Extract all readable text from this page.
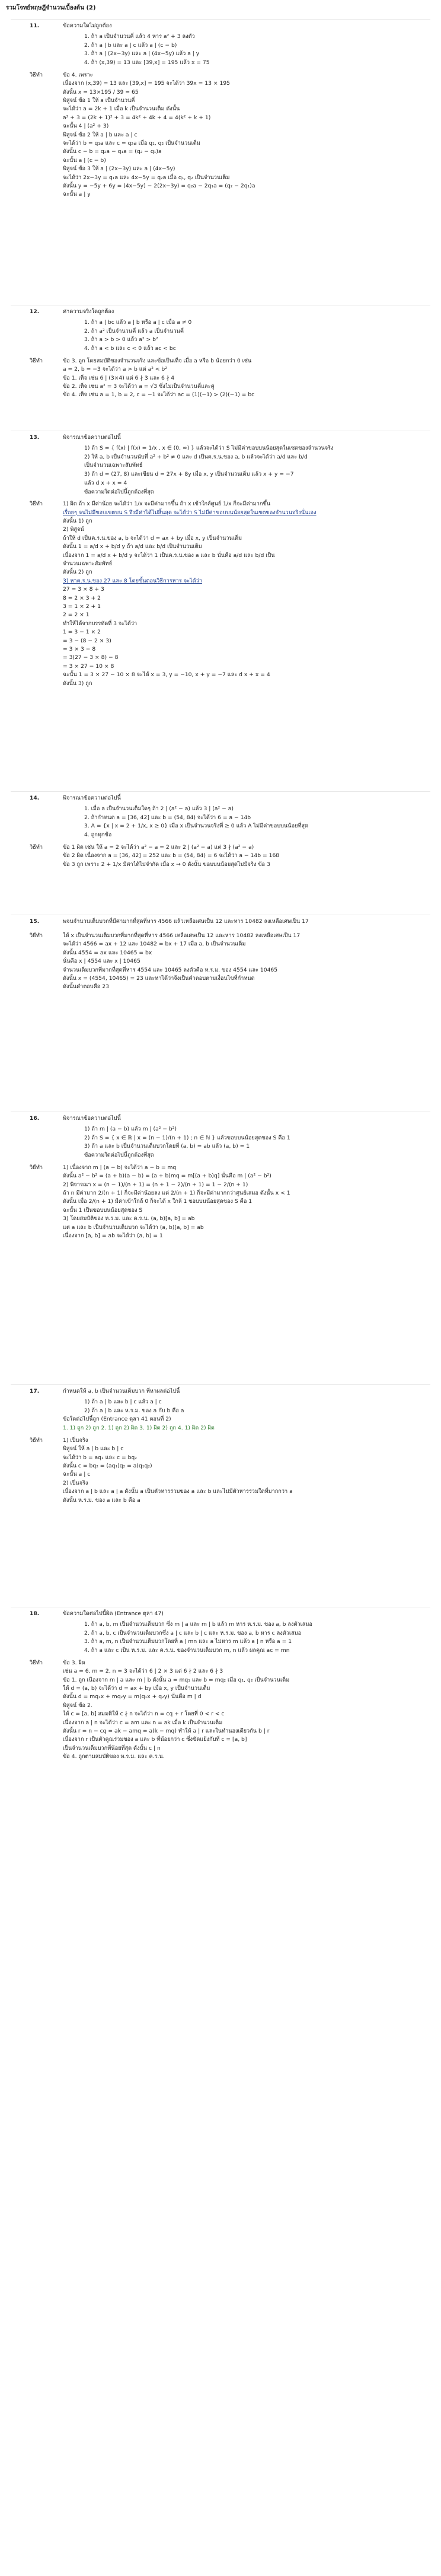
รวมโจทย์ทฤษฎีจำนวนเบื้องต้น (2)
11.	ข้อความใดไม่ถูกต้อง
1. ถ้า a เป็นจำนวนคี่ แล้ว 4 หาร a² + 3 ลงตัว
2. ถ้า a | b และ a | c แล้ว a | (c − b)
3. ถ้า a | (2x−3y) และ a | (4x−5y) แล้ว a | y
4. ถ้า (x,39) = 13 และ [39,x] = 195 แล้ว x = 75
วิธีทำ	ข้อ 4. เพราะ
เนื่องจาก (x,39) = 13 และ [39,x] = 195 จะได้ว่า 39x = 13 × 195
ดังนั้น x = 13×195 / 39 = 65
พิสูจน์ ข้อ 1 ให้ a เป็นจำนวนคี่
จะได้ว่า a = 2k + 1 เมื่อ k เป็นจำนวนเต็ม ดังนั้น
a² + 3 = (2k + 1)² + 3 = 4k² + 4k + 4 = 4(k² + k + 1)
ฉะนั้น 4 | (a² + 3)
พิสูจน์ ข้อ 2 ให้ a | b และ a | c
จะได้ว่า b = q₁a และ c = q₂a เมื่อ q₁, q₂ เป็นจำนวนเต็ม
ดังนั้น c − b = q₂a − q₁a = (q₂ − q₁)a
ฉะนั้น a | (c − b)
พิสูจน์ ข้อ 3 ให้ a | (2x−3y) และ a | (4x−5y)
จะได้ว่า 2x−3y = q₁a และ 4x−5y = q₂a เมื่อ q₁, q₂ เป็นจำนวนเต็ม
ดังนั้น y = −5y + 6y = (4x−5y) − 2(2x−3y) = q₂a − 2q₁a = (q₂ − 2q₁)a
ฉะนั้น a | y
12.	ค่าความจริงใดถูกต้อง
1. ถ้า a | bc แล้ว a | b หรือ a | c เมื่อ a ≠ 0
2. ถ้า a² เป็นจำนวนคี่ แล้ว a เป็นจำนวนคี่
3. ถ้า a > b > 0 แล้ว a² > b²
4. ถ้า a < b และ c < 0 แล้ว ac < bc
วิธีทำ	ข้อ 3. ถูก โดยสมบัติของจำนวนจริง และข้อเป็นเท็จ เมื่อ a หรือ b น้อยกว่า 0 เช่น
a = 2, b = −3 จะได้ว่า a > b แต่ a² < b²
ข้อ 1. เท็จ เช่น 6 | (3×4) แต่ 6 ∤ 3 และ 6 ∤ 4
ข้อ 2. เท็จ เช่น a² = 3 จะได้ว่า a = √3 ซึ่งไม่เป็นจำนวนคี่และคู่
ข้อ 4. เท็จ เช่น a = 1, b = 2, c = −1 จะได้ว่า ac = (1)(−1) > (2)(−1) = bc
13.	พิจารณาข้อความต่อไปนี้
1) ถ้า S = { f(x) | f(x) = 1/x , x ∈ (0, ∞) } แล้วจะได้ว่า S ไม่มีค่าขอบบนน้อยสุดในเซตของจำนวนจริง
2) ให้ a, b เป็นจำนวนนับที่ a² + b² ≠ 0 และ d เป็นค.ร.น.ของ a, b แล้วจะได้ว่า a/d และ b/d
เป็นจำนวนเฉพาะสัมพัทธ์
3) ถ้า d = (27, 8) และเขียน d = 27x + 8y เมื่อ x, y เป็นจำนวนเต็ม แล้ว x + y = −7
แล้ว d x + x = 4
ข้อความใดต่อไปนี้ถูกต้องที่สุด
วิธีทำ	1) ผิด ถ้า x มีค่าน้อย จะได้ว่า 1/x จะมีค่ามากขึ้น ถ้า x เข้าใกล้ศูนย์ 1/x ก็จะมีค่ามากขึ้น
เรื่อยๆ จนไม่มีขอบเขตบน S จึงมีค่าได้ไม่สิ้นสุด จะได้ว่า S ไม่มีค่าขอบบนน้อยสุดในเซตของจำนวนจริงนั่นเอง
ดังนั้น 1) ถูก
2) พิสูจน์
ถ้าให้ d เป็นค.ร.น.ของ a, b จะได้ว่า d = ax + by เมื่อ x, y เป็นจำนวนเต็ม
ดังนั้น 1 = a/d x + b/d y ถ้า a/d และ b/d เป็นจำนวนเต็ม
เนื่องจาก 1 = a/d x + b/d y จะได้ว่า 1 เป็นค.ร.น.ของ a และ b นั่นคือ a/d และ b/d เป็น
จำนวนเฉพาะสัมพัทธ์
ดังนั้น 2) ถูก
3) หาค.ร.น.ของ 27 และ 8 โดยขั้นตอนวิธีการหาร จะได้ว่า
27 = 3 × 8 + 3
8 = 2 × 3 + 2
3 = 1 × 2 + 1
2 = 2 × 1
ทำให้ได้จากบรรทัดที่ 3 จะได้ว่า
1 = 3 − 1 × 2
= 3 − (8 − 2 × 3)
= 3 × 3 − 8
= 3(27 − 3 × 8) − 8
= 3 × 27 − 10 × 8
ฉะนั้น 1 = 3 × 27 − 10 × 8 จะได้ x = 3, y = −10, x + y = −7 และ d x + x = 4
ดังนั้น 3) ถูก
14.	พิจารณาข้อความต่อไปนี้
1. เมื่อ a เป็นจำนวนเต็มใดๆ ถ้า 2 | (a² − a) แล้ว 3 | (a² − a)
2. ถ้ากำหนด a = [36, 42] และ b = (54, 84) จะได้ว่า 6 = a − 14b
3. A = {x | x = 2 + 1/x, x ≥ 0} เมื่อ x เป็นจำนวนจริงที่ ≥ 0 แล้ว A ไม่มีค่าขอบบนน้อยที่สุด
4. ถูกทุกข้อ
วิธีทำ	ข้อ 1 ผิด เช่น ให้ a = 2 จะได้ว่า a² − a = 2 และ 2 | (a² − a) แต่ 3 ∤ (a² − a)
ข้อ 2 ผิด เนื่องจาก a = [36, 42] = 252 และ b = (54, 84) = 6 จะได้ว่า a − 14b = 168
ข้อ 3 ถูก เพราะ 2 + 1/x มีค่าได้ไม่จำกัด เมื่อ x → 0 ดังนั้น ขอบบนน้อยสุดไม่มีจริง ข้อ 3
15.	พจนจำนวนเต็มบวกที่มีค่ามากที่สุดที่หาร 4566 แล้วเหลือเศษเป็น 12 และหาร 10482 ลงเหลือเศษเป็น 17
วิธีทำ	ให้ x เป็นจำนวนเต็มบวกที่มากที่สุดที่หาร 4566 เหลือเศษเป็น 12 และหาร 10482 ลงเหลือเศษเป็น 17
จะได้ว่า 4566 = ax + 12 และ 10482 = bx + 17 เมื่อ a, b เป็นจำนวนเต็ม
ดังนั้น 4554 = ax และ 10465 = bx
นั่นคือ x | 4554 และ x | 10465
จำนวนเต็มบวกที่มากที่สุดที่หาร 4554 และ 10465 ลงตัวคือ ห.ร.ม. ของ 4554 และ 10465
ดังนั้น x = (4554, 10465) = 23 และหาได้ว่าจึงเป็นคำตอบตามเงื่อนไขที่กำหนด
ดังนั้นคำตอบคือ 23
16.	พิจารณาข้อความต่อไปนี้
1) ถ้า m | (a − b) แล้ว m | (a² − b²)
2) ถ้า S = { x ∈ ℝ | x = (n − 1)/(n + 1) ; n ∈ ℕ } แล้วขอบบนน้อยสุดของ S คือ 1
3) ถ้า a และ b เป็นจำนวนเต็มบวกโดยที่ (a, b) = ab แล้ว (a, b) = 1
ข้อความใดต่อไปนี้ถูกต้องที่สุด
วิธีทำ	1) เนื่องจาก m | (a − b) จะได้ว่า a − b = mq
ดังนั้น a² − b² = (a + b)(a − b) = (a + b)mq = m[(a + b)q] นั่นคือ m | (a² − b²)
2) พิจารณา x = (n − 1)/(n + 1) = (n + 1 − 2)/(n + 1) = 1 − 2/(n + 1)
ถ้า n มีค่ามาก 2/(n + 1) ก็จะมีค่าน้อยลง แต่ 2/(n + 1) ก็จะมีค่ามากกว่าศูนย์เสมอ ดังนั้น x < 1
ดังนั้น เมื่อ 2/(n + 1) มีค่าเข้าใกล้ 0 ก็จะได้ x ใกล้ 1 ขอบบนน้อยสุดของ S คือ 1
ฉะนั้น 1 เป็นขอบบนน้อยสุดของ S
3) โดยสมบัติของ ห.ร.ม. และ ค.ร.น. (a, b)[a, b] = ab
แต่ a และ b เป็นจำนวนเต็มบวก จะได้ว่า (a, b)[a, b] = ab
เนื่องจาก [a, b] = ab จะได้ว่า (a, b) = 1
17.	กำหนดให้ a, b เป็นจำนวนเต็มบวก ที่หาผลต่อไปนี้
1) ถ้า a | b และ b | c แล้ว a | c
2) ถ้า a | b และ ห.ร.ม. ของ a กับ b คือ a
ข้อใดต่อไปนี้ถูก (Entrance ตุลา 41 ตอนที่ 2)
1. 1) ถูก 2) ถูก 2. 1) ถูก 2) ผิด 3. 1) ผิด 2) ถูก 4. 1) ผิด 2) ผิด
วิธีทำ	1) เป็นจริง
พิสูจน์ ให้ a | b และ b | c
จะได้ว่า b = aq₁ และ c = bq₂
ดังนั้น c = bq₂ = (aq₁)q₂ = a(q₁q₂)
ฉะนั้น a | c
2) เป็นจริง
เนื่องจาก a | b และ a | a ดังนั้น a เป็นตัวหารร่วมของ a และ b และไม่มีตัวหารร่วมใดที่มากกว่า a
ดังนั้น ห.ร.ม. ของ a และ b คือ a
18.	ข้อความใดต่อไปนี้ผิด (Entrance ตุลา 47)
1. ถ้า a, b, m เป็นจำนวนเต็มบวก ซึ่ง m | a และ m | b แล้ว m หาร ห.ร.ม. ของ a, b ลงตัวเสมอ
2. ถ้า a, b, c เป็นจำนวนเต็มบวกซึ่ง a | c และ b | c และ ห.ร.ม. ของ a, b หาร c ลงตัวเสมอ
3. ถ้า a, m, n เป็นจำนวนเต็มบวกโดยที่ a | mn และ a ไม่หาร m แล้ว a | n หรือ a = 1
4. ถ้า a และ c เป็น ห.ร.ม. และ ค.ร.น. ของจำนวนเต็มบวก m, n แล้ว ผลคูณ ac = mn
วิธีทำ	ข้อ 3. ผิด
เช่น a = 6, m = 2, n = 3 จะได้ว่า 6 | 2 × 3 แต่ 6 ∤ 2 และ 6 ∤ 3
ข้อ 1. ถูก เนื่องจาก m | a และ m | b ดังนั้น a = mq₁ และ b = mq₂ เมื่อ q₁, q₂ เป็นจำนวนเต็ม
ให้ d = (a, b) จะได้ว่า d = ax + by เมื่อ x, y เป็นจำนวนเต็ม
ดังนั้น d = mq₁x + mq₂y = m(q₁x + q₂y) นั่นคือ m | d
พิสูจน์ ข้อ 2.
ให้ c = [a, b] สมมติให้ c ∤ n จะได้ว่า n = cq + r โดยที่ 0 < r < c
เนื่องจาก a | n จะได้ว่า c = am และ n = ak เมื่อ k เป็นจำนวนเต็ม
ดังนั้น r = n − cq = ak − amq = a(k − mq) ทำให้ a | r และในทำนองเดียวกัน b | r
เนื่องจาก r เป็นตัวคูณร่วมของ a และ b ที่น้อยกว่า c ซึ่งขัดแย้งกับที่ c = [a, b]
เป็นจำนวนเต็มบวกที่น้อยที่สุด ดังนั้น c | n
ข้อ 4. ถูกตามสมบัติของ ห.ร.ม. และ ค.ร.น.
